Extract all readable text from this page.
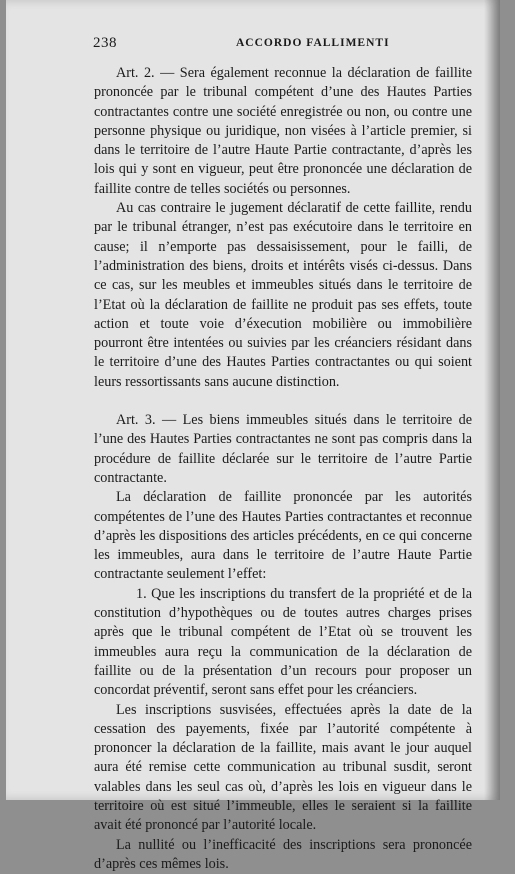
238	ACCORDO FALLIMENTI

Art. 2. — Sera également reconnue la déclaration de faillite prononcée par le tribunal compétent d’une des Hautes Parties contractantes contre une société enregistrée ou non, ou contre une personne physique ou juridique, non visées à l’article premier, si dans le territoire de l’autre Haute Partie contractante, d’après les lois qui y sont en vigueur, peut être prononcée une déclaration de faillite contre de telles sociétés ou personnes.

Au cas contraire le jugement déclaratif de cette faillite, rendu par le tribunal étranger, n’est pas exécutoire dans le territoire en cause; il n’emporte pas dessaisissement, pour le failli, de l’administration des biens, droits et intérêts visés ci-dessus. Dans ce cas, sur les meubles et immeubles situés dans le territoire de l’Etat où la déclaration de faillite ne produit pas ses effets, toute action et toute voie d’éxecution mobilière ou immobilière pourront être intentées ou suivies par les créanciers résidant dans le territoire d’une des Hautes Parties contractantes ou qui soient leurs ressortissants sans aucune distinction.

Art. 3. — Les biens immeubles situés dans le territoire de l’une des Hautes Parties contractantes ne sont pas compris dans la procédure de faillite déclarée sur le territoire de l’autre Partie contractante.

La déclaration de faillite prononcée par les autorités compétentes de l’une des Hautes Parties contractantes et reconnue d’après les dispositions des articles précédents, en ce qui concerne les immeubles, aura dans le territoire de l’autre Haute Partie contractante seulement l’effet:

1. Que les inscriptions du transfert de la propriété et de la constitution d’hypothèques ou de toutes autres charges prises après que le tribunal compétent de l’Etat où se trouvent les immeubles aura reçu la communication de la déclaration de faillite ou de la présentation d’un recours pour proposer un concordat préventif, seront sans effet pour les créanciers.

Les inscriptions susvisées, effectuées après la date de la cessation des payements, fixée par l’autorité compétente à prononcer la déclaration de la faillite, mais avant le jour auquel aura été remise cette communication au tribunal susdit, seront valables dans les seul cas où, d’après les lois en vigueur dans le territoire où est situé l’immeuble, elles le seraient si la faillite avait été prononcé par l’autorité locale.

La nullité ou l’inefficacité des inscriptions sera prononcée d’après ces mêmes lois.
